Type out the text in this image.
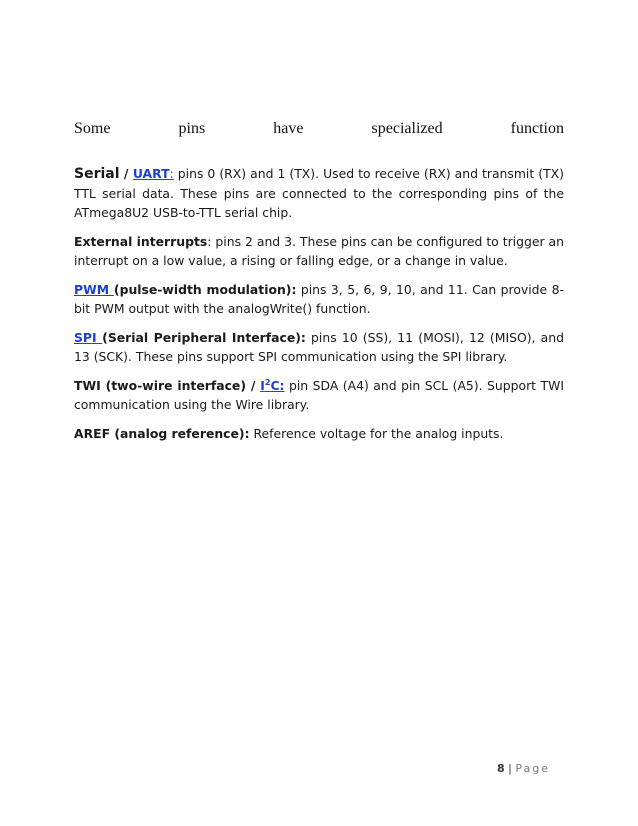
Some	pins	have	specialized	function

Serial / UART: pins 0 (RX) and 1 (TX). Used to receive (RX) and transmit (TX) TTL serial data. These pins are connected to the corresponding pins of the ATmega8U2 USB-to-TTL serial chip.

External interrupts: pins 2 and 3. These pins can be configured to trigger an interrupt on a low value, a rising or falling edge, or a change in value.

PWM (pulse-width modulation): pins 3, 5, 6, 9, 10, and 11. Can provide 8-bit PWM output with the analogWrite() function.

SPI (Serial Peripheral Interface): pins 10 (SS), 11 (MOSI), 12 (MISO), and 13 (SCK). These pins support SPI communication using the SPI library.

TWI (two-wire interface) / $I^2C$: pin SDA (A4) and pin SCL (A5). Support TWI communication using the Wire library.

AREF (analog reference): Reference voltage for the analog inputs.

8 | Page
